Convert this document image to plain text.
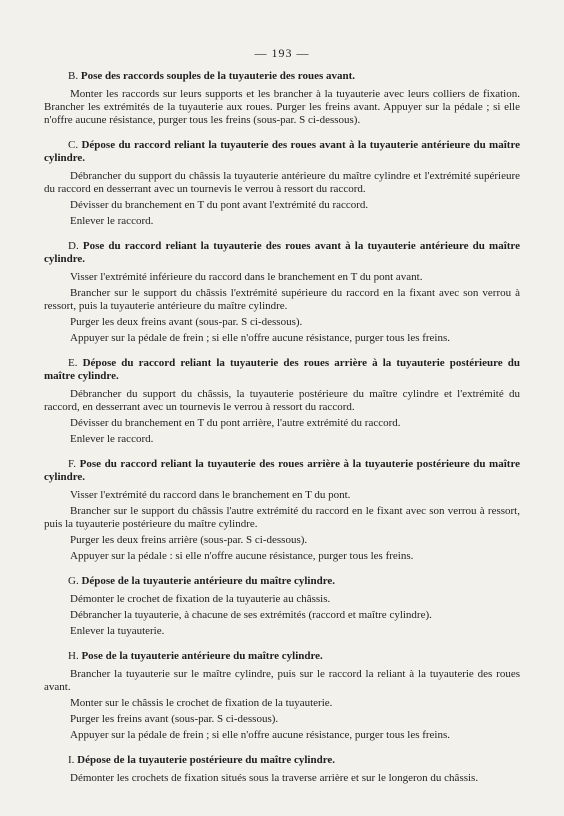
— 193 —

B. Pose des raccords souples de la tuyauterie des roues avant.

Monter les raccords sur leurs supports et les brancher à la tuyauterie avec leurs colliers de fixation. Brancher les extrémités de la tuyauterie aux roues. Purger les freins avant. Appuyer sur la pédale ; si elle n'offre aucune résistance, purger tous les freins (sous-par. S ci-dessous).

C. Dépose du raccord reliant la tuyauterie des roues avant à la tuyauterie antérieure du maître cylindre.

Débrancher du support du châssis la tuyauterie antérieure du maître cylindre et l'extrémité supérieure du raccord en desserrant avec un tournevis le verrou à ressort du raccord.

Dévisser du branchement en T du pont avant l'extrémité du raccord.

Enlever le raccord.

D. Pose du raccord reliant la tuyauterie des roues avant à la tuyauterie antérieure du maître cylindre.

Visser l'extrémité inférieure du raccord dans le branchement en T du pont avant.

Brancher sur le support du châssis l'extrémité supérieure du raccord en la fixant avec son verrou à ressort, puis la tuyauterie antérieure du maître cylindre.

Purger les deux freins avant (sous-par. S ci-dessous).

Appuyer sur la pédale de frein ; si elle n'offre aucune résistance, purger tous les freins.

E. Dépose du raccord reliant la tuyauterie des roues arrière à la tuyauterie postérieure du maître cylindre.

Débrancher du support du châssis, la tuyauterie postérieure du maître cylindre et l'extrémité du raccord, en desserrant avec un tournevis le verrou à ressort du raccord.

Dévisser du branchement en T du pont arrière, l'autre extrémité du raccord.

Enlever le raccord.

F. Pose du raccord reliant la tuyauterie des roues arrière à la tuyauterie postérieure du maître cylindre.

Visser l'extrémité du raccord dans le branchement en T du pont.

Brancher sur le support du châssis l'autre extrémité du raccord en le fixant avec son verrou à ressort, puis la tuyauterie postérieure du maître cylindre.

Purger les deux freins arrière (sous-par. S ci-dessous).

Appuyer sur la pédale : si elle n'offre aucune résistance, purger tous les freins.

G. Dépose de la tuyauterie antérieure du maître cylindre.

Démonter le crochet de fixation de la tuyauterie au châssis.

Débrancher la tuyauterie, à chacune de ses extrémités (raccord et maître cylindre).

Enlever la tuyauterie.

H. Pose de la tuyauterie antérieure du maître cylindre.

Brancher la tuyauterie sur le maître cylindre, puis sur le raccord la reliant à la tuyauterie des roues avant.

Monter sur le châssis le crochet de fixation de la tuyauterie.

Purger les freins avant (sous-par. S ci-dessous).

Appuyer sur la pédale de frein ; si elle n'offre aucune résistance, purger tous les freins.

I. Dépose de la tuyauterie postérieure du maître cylindre.

Démonter les crochets de fixation situés sous la traverse arrière et sur le longeron du châssis.
